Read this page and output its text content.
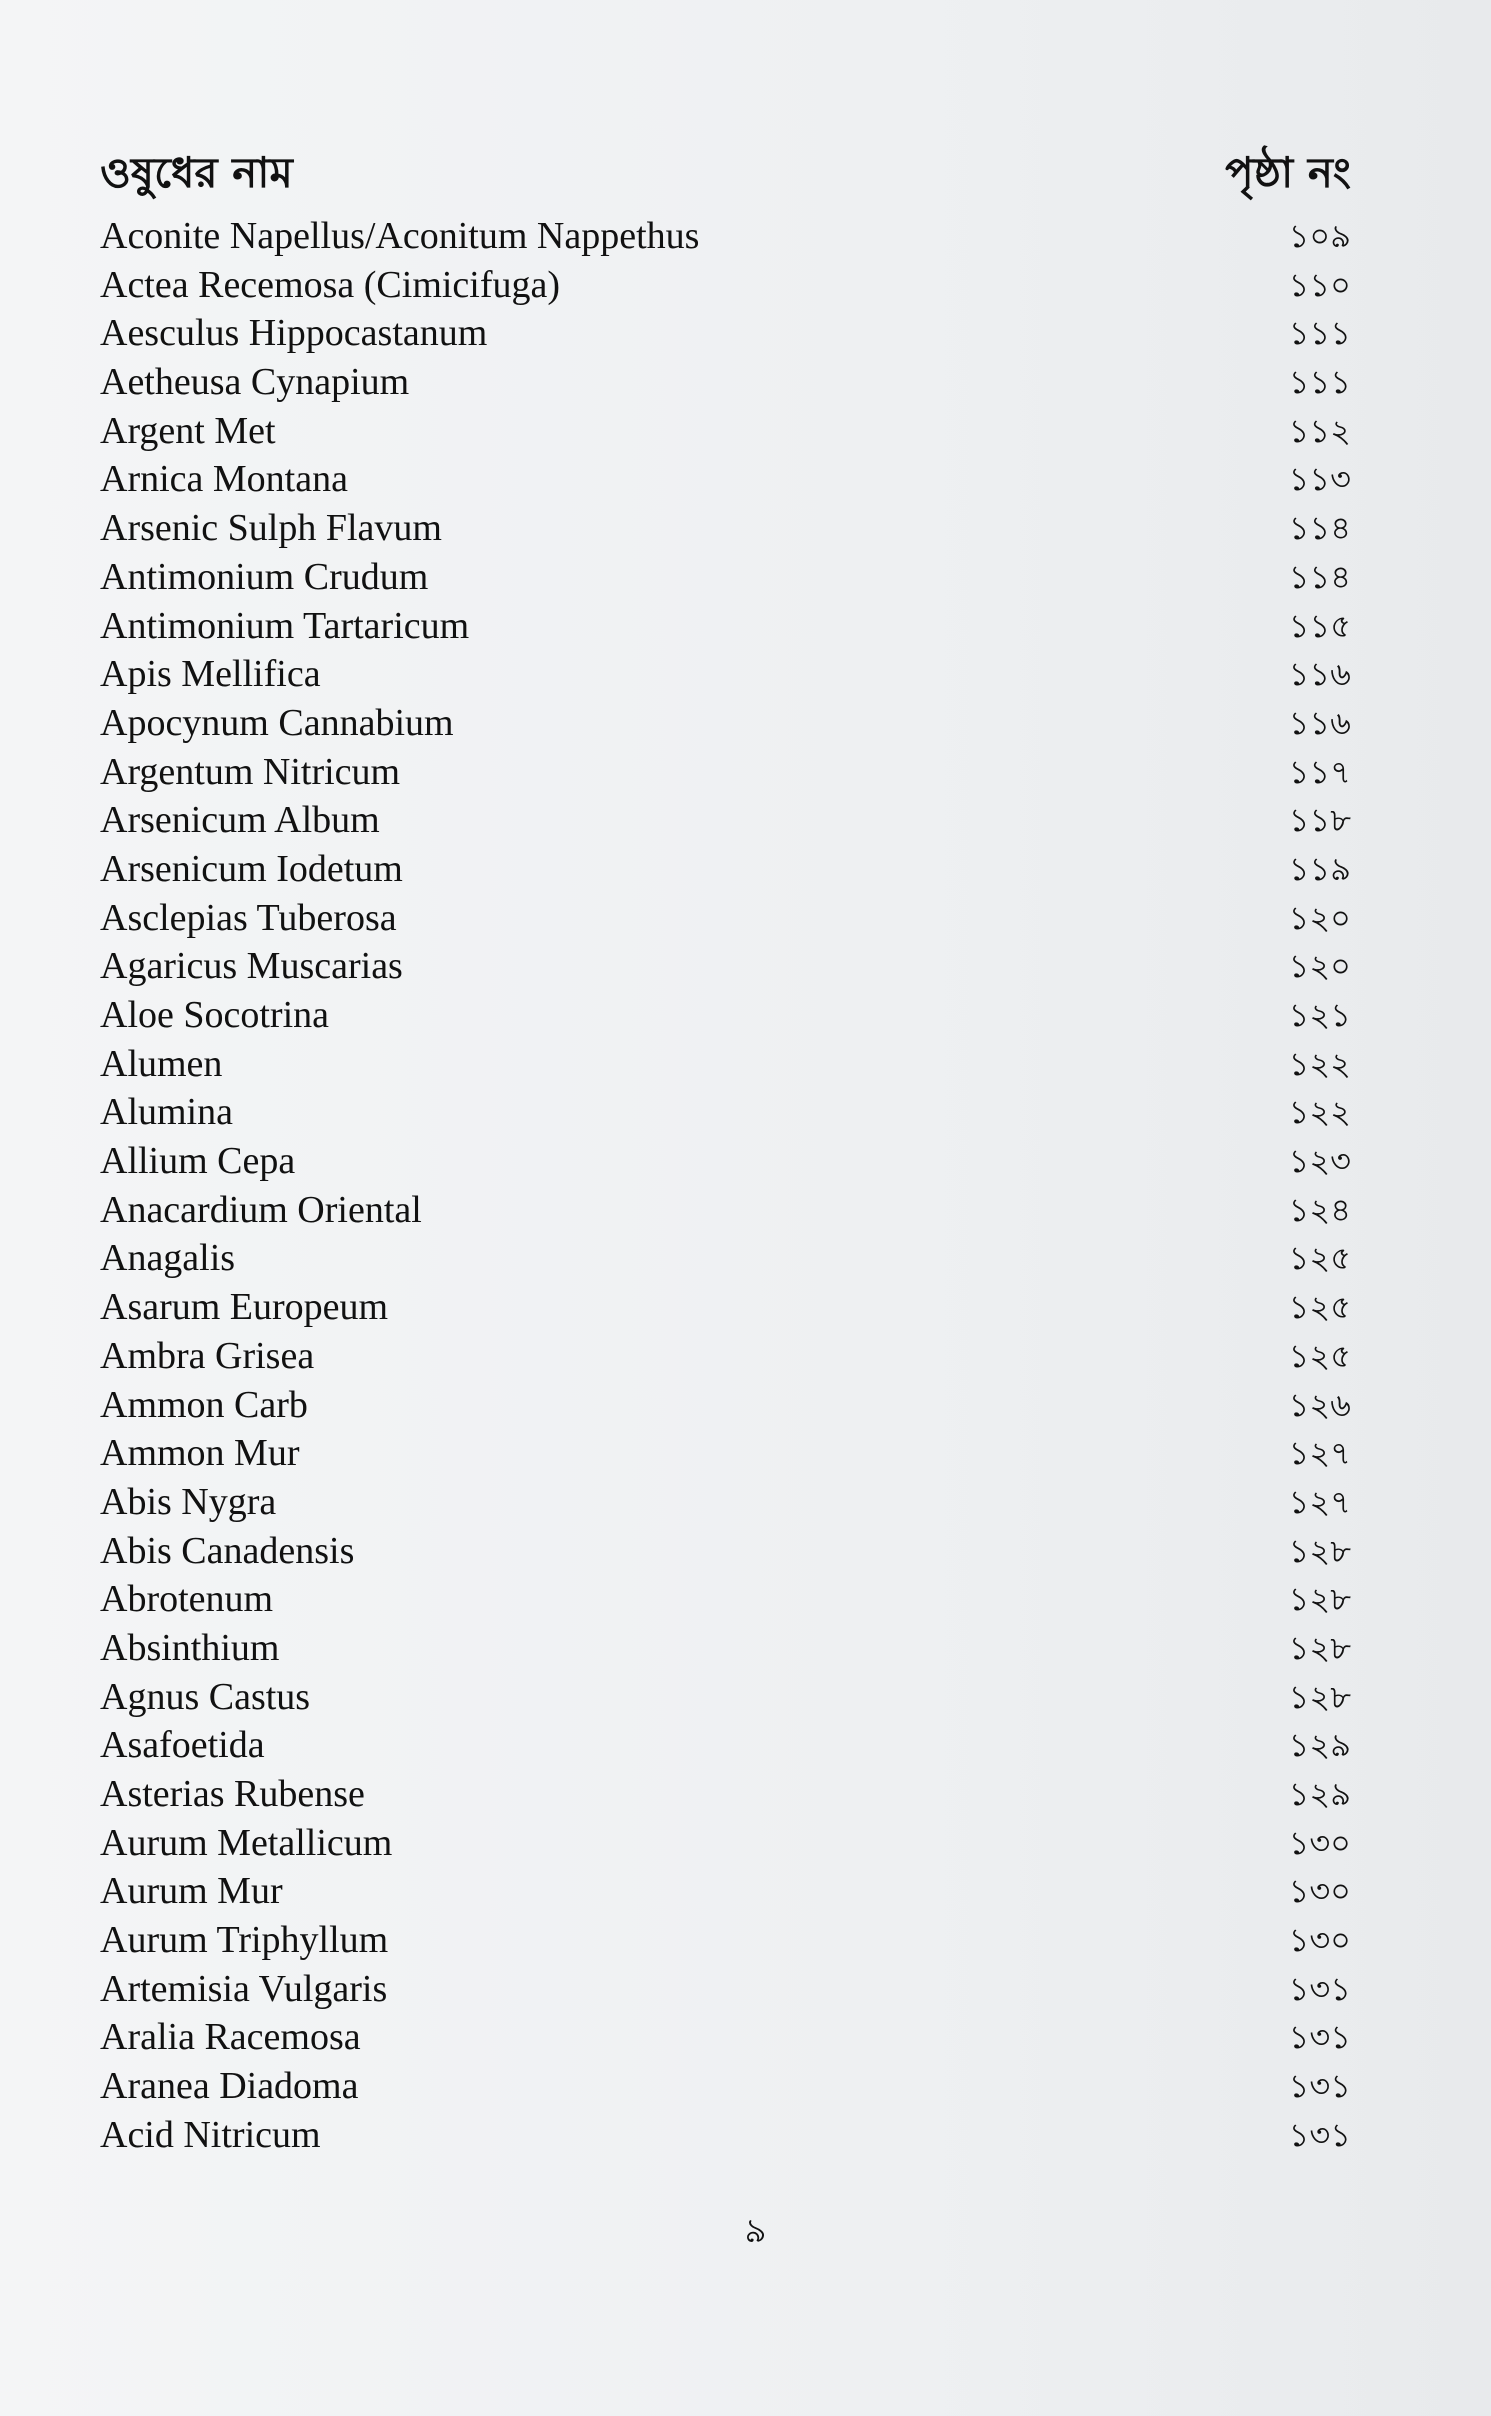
ওষুধের নাম	পৃষ্ঠা নং
Aconite Napellus/Aconitum Nappethus	১০৯
Actea Recemosa (Cimicifuga)	১১০
Aesculus Hippocastanum	১১১
Aetheusa Cynapium	১১১
Argent Met	১১২
Arnica Montana	১১৩
Arsenic Sulph Flavum	১১৪
Antimonium Crudum	১১৪
Antimonium Tartaricum	১১৫
Apis Mellifica	১১৬
Apocynum Cannabium	১১৬
Argentum Nitricum	১১৭
Arsenicum Album	১১৮
Arsenicum Iodetum	১১৯
Asclepias Tuberosa	১২০
Agaricus Muscarias	১২০
Aloe Socotrina	১২১
Alumen	১২২
Alumina	১২২
Allium Cepa	১২৩
Anacardium Oriental	১২৪
Anagalis	১২৫
Asarum Europeum	১২৫
Ambra Grisea	১২৫
Ammon Carb	১২৬
Ammon Mur	১২৭
Abis Nygra	১২৭
Abis Canadensis	১২৮
Abrotenum	১২৮
Absinthium	১২৮
Agnus Castus	১২৮
Asafoetida	১২৯
Asterias Rubense	১২৯
Aurum Metallicum	১৩০
Aurum Mur	১৩০
Aurum Triphyllum	১৩০
Artemisia Vulgaris	১৩১
Aralia Racemosa	১৩১
Aranea Diadoma	১৩১
Acid Nitricum	১৩১
৯
